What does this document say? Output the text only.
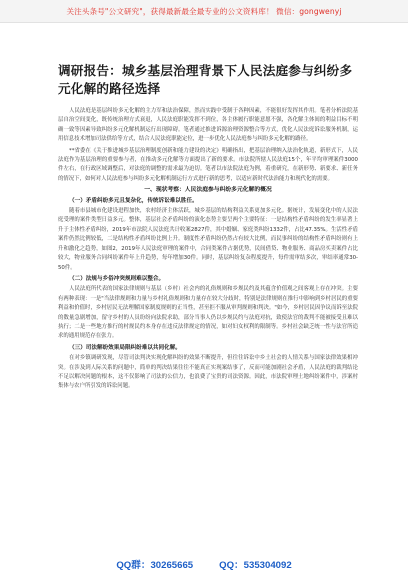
关注头条号"公文研究"，获得最新最全最专业的公文资料库！ 微信：gongwenyj
调研报告：城乡基层治理背景下人民法庭参与纠纷多元化解的路径选择

人民法庭是基层纠纷多元化解的主力军和法治保障，然而实践中受制于各种因素，不能很好发挥其作用。笔者分析法院基层自治空间变化，既传统治理方式衰退，人民法庭职能发挥不到位，各主体履行职能意愿不强，各化解主体间的利益目标不明确一致等因素导致纠纷多元化解机制运行出现障碍。笔者通过推进诉源治理资源整合等方式，优化人民法庭诉讼服务机制，运用信息技术增加司法供给等方式，结合人民法庭职能定位，进一步优化人民法庭参与纠纷多元化解的路径。

**省委在《关于推进城乡基层治理制度创新和能力建设的决定》明确指出，把基层治理纳入法治化轨道，新形式下，人民法庭作为基层治理的重要参与者，在推动多元化解等方面提出了新的要求。市法院所辖人民法庭15个，年平均审理案件3000件左右，在行政区域调整后，对法庭的调整的需求最为迫切。笔者以市法院法庭为例，着重研究，在新形势、新要求、新任务的情况下，如何对人民法庭参与纠纷多元化解机制运行方式进行新的思考，以适应新时代法治能力和现代化的需要。

一、现状考察：人民法庭参与纠纷多元化解的概况
（一）矛盾纠纷多元且复杂化，传统诉讼难以胜任。

随着市县城市化建设进程加快，农村经济主体活跃，城乡基层的结构利益关系更加多元化。据统计，发展变化中的人民法庭受理的案件类型日益多元。整体，基层社会矛盾纠纷的演化态势主要呈两个主要特征：一是结构性矛盾纠纷的发生率显著上升于主体性矛盾纠纷，2019年市法院人民法庭共计收案2827件，其中婚姻、家庭类纠纷1332件，占比47.35%。生活性矛盾案件仍然比例较低，二是结构性矛盾纠纷比例上升。制度性矛盾纠纷仍然占有较大比例，而民事纠纷的结构性矛盾纠纷则有上升和激化之趋势，如图2，2019年人民法庭审理的案件中，合同类案件占据优势，民间借贷、物业服务、商品房买卖案件占比较大，物业服务合同纠纷案件年上升趋势，每年增加30件。同时，基层纠纷复杂程度提升，每件需审结多次，审结率通常30-50件。

（二）法规与乡俗冲突规则难以整合。

人民法庭所代表的国家法律规则与基层（乡村）社会内的礼俗规则和乡规民约及其蕴含价值观之间客观上存在冲突。主要有两种表现：一是"当法律规则和力量与乡村礼俗规则和力量存在较大分歧时，特别是法律规则在推行中影响到乡村居民的重要利益和价值时，乡村居民无法理解国家制度规则的正当性，甚至拒不服从审判规则和判决。"如今，乡村居民因争议而诉至法院的数量急剧增加，留守乡村的人员纷纷向法院求助，部分当事人仍以乡规民约与法庭对抗，致使法官的裁判不能被接受且难以执行；二是一些地方推行的村规民约本身存在违反法律规定的情况，如对妇女权利的限制等。乡村社会缺乏统一性与法官所追求的通用规范存在张力。

（三）司法解纷效果局限纠纷难以共同化解。

在对乡镇调研发现，尽管司法判决实现化解纠纷的效果不断提升，但往往诉讼中乡土社会的人情关系与国家法律效果相冲突。在涉及到人际关系的问题中，简单的判决结果往往不能真正实现案结事了，反而可能加剧社会矛盾，人民法庭的裁判结论不足以解决问题的根本，这不仅影响了司法的公信力，也浪费了宝贵的司法资源。因此，市法院审理土地纠纷案件中，涉案村集体与农户所引发的诉讼问题。

QQ群：30265665	QQ：535304092
